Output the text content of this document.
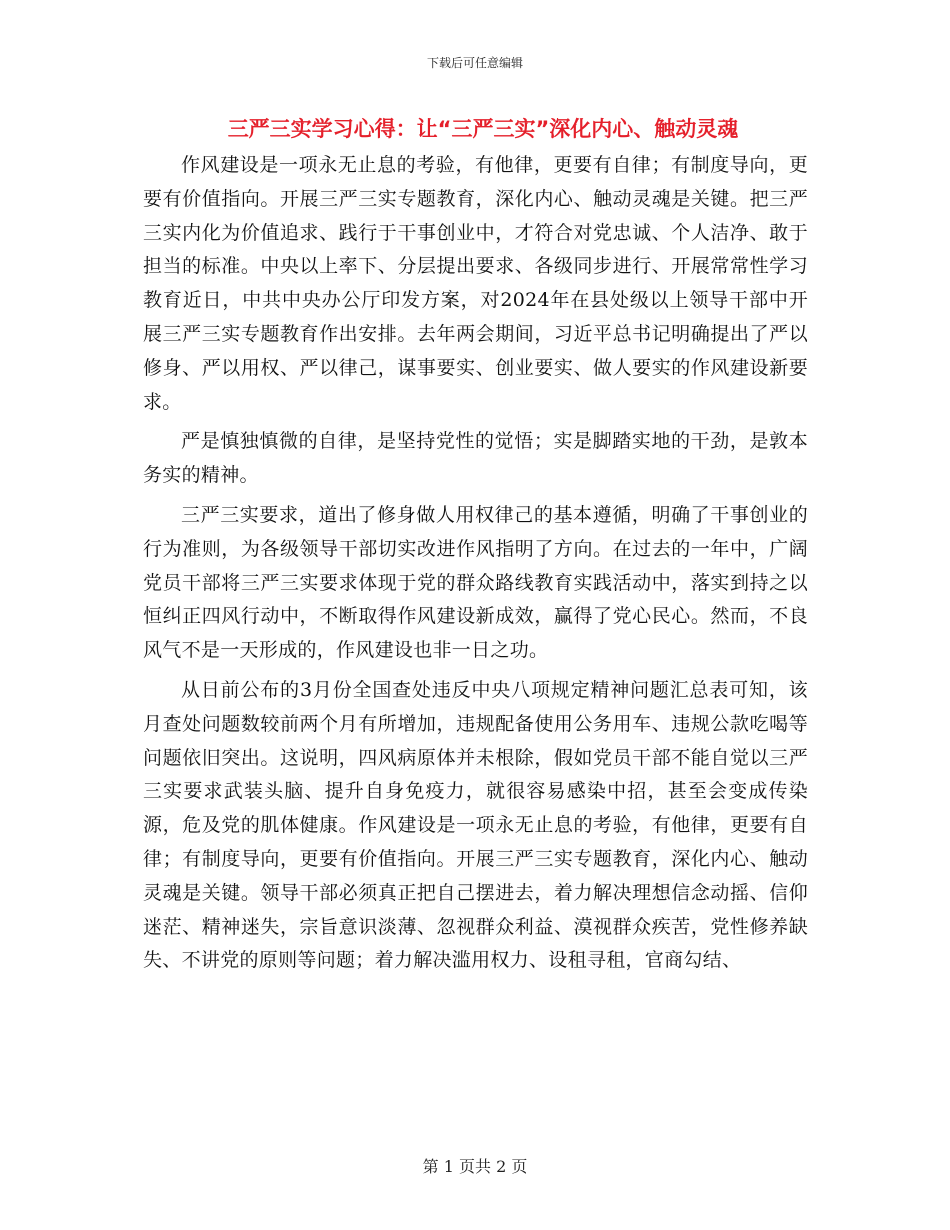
下载后可任意编辑
三严三实学习心得：让“三严三实”深化内心、触动灵魂

作风建设是一项永无止息的考验，有他律，更要有自律；有制度导向，更要有价值指向。开展三严三实专题教育，深化内心、触动灵魂是关键。把三严三实内化为价值追求、践行于干事创业中，才符合对党忠诚、个人洁净、敢于担当的标准。中央以上率下、分层提出要求、各级同步进行、开展常常性学习教育近日，中共中央办公厅印发方案，对2024年在县处级以上领导干部中开展三严三实专题教育作出安排。去年两会期间，习近平总书记明确提出了严以修身、严以用权、严以律己，谋事要实、创业要实、做人要实的作风建设新要求。

严是慎独慎微的自律，是坚持党性的觉悟；实是脚踏实地的干劲，是敦本务实的精神。

三严三实要求，道出了修身做人用权律己的基本遵循，明确了干事创业的行为准则，为各级领导干部切实改进作风指明了方向。在过去的一年中，广阔党员干部将三严三实要求体现于党的群众路线教育实践活动中，落实到持之以恒纠正四风行动中，不断取得作风建设新成效，赢得了党心民心。然而，不良风气不是一天形成的，作风建设也非一日之功。

从日前公布的3月份全国查处违反中央八项规定精神问题汇总表可知，该月查处问题数较前两个月有所增加，违规配备使用公务用车、违规公款吃喝等问题依旧突出。这说明，四风病原体并未根除，假如党员干部不能自觉以三严三实要求武装头脑、提升自身免疫力，就很容易感染中招，甚至会变成传染源，危及党的肌体健康。作风建设是一项永无止息的考验，有他律，更要有自律；有制度导向，更要有价值指向。开展三严三实专题教育，深化内心、触动灵魂是关键。领导干部必须真正把自己摆进去，着力解决理想信念动摇、信仰迷茫、精神迷失，宗旨意识淡薄、忽视群众利益、漠视群众疾苦，党性修养缺失、不讲党的原则等问题；着力解决滥用权力、设租寻租，官商勾结、

第 1 页共 2 页
